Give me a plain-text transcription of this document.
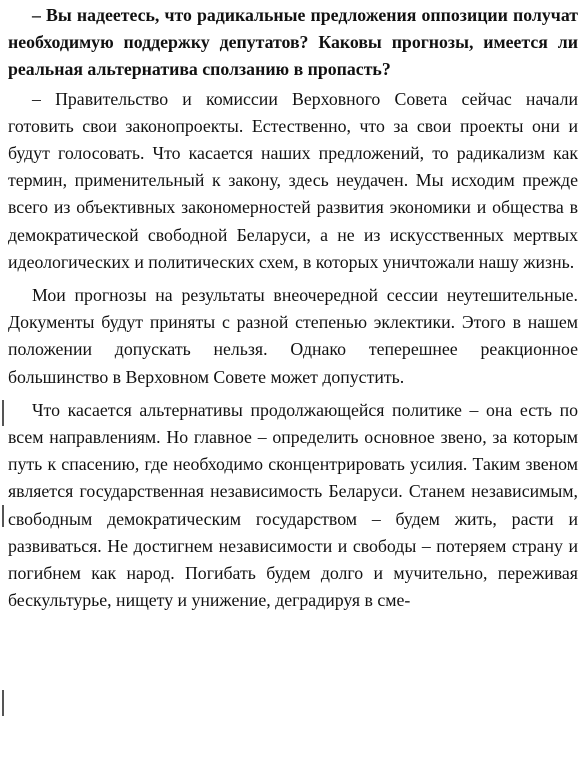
– Вы надеетесь, что радикальные предложения оппозиции получат необходимую поддержку депутатов? Каковы прогнозы, имеется ли реальная альтернатива сползанию в пропасть?

– Правительство и комиссии Верховного Совета сейчас начали готовить свои законопроекты. Естественно, что за свои проекты они и будут голосовать. Что касается наших предложений, то радикализм как термин, применительный к закону, здесь неудачен. Мы исходим прежде всего из объективных закономерностей развития экономики и общества в демократической свободной Беларуси, а не из искусственных мертвых идеологических и политических схем, в которых уничтожали нашу жизнь.

Мои прогнозы на результаты внеочередной сессии неутешительные. Документы будут приняты с разной степенью эклектики. Этого в нашем положении допускать нельзя. Однако теперешнее реакционное большинство в Верховном Совете может допустить.

Что касается альтернативы продолжающейся политике – она есть по всем направлениям. Но главное – определить основное звено, за которым путь к спасению, где необходимо сконцентрировать усилия. Таким звеном является государственная независимость Беларуси. Станем независимым, свободным демократическим государством – будем жить, расти и развиваться. Не достигнем независимости и свободы – потеряем страну и погибнем как народ. Погибать будем долго и мучительно, переживая бескультурье, нищету и унижение, деградируя в сме-
